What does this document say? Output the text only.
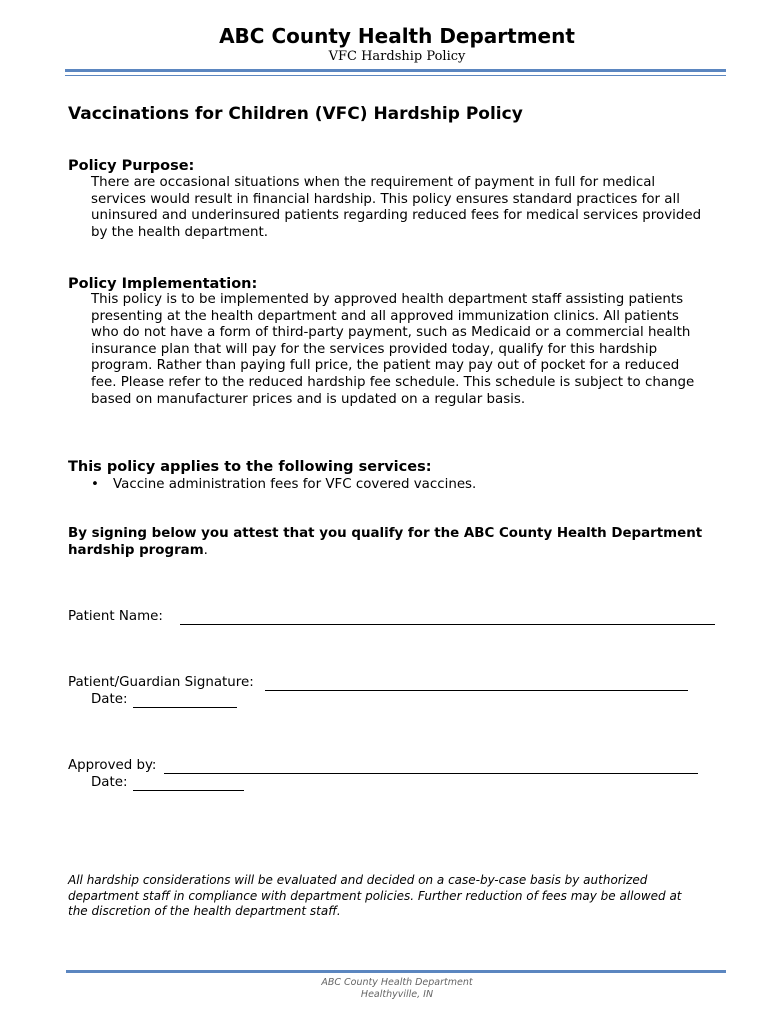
ABC County Health Department
VFC Hardship Policy
Vaccinations for Children (VFC) Hardship Policy
Policy Purpose:
There are occasional situations when the requirement of payment in full for medical
services would result in financial hardship. This policy ensures standard practices for all
uninsured and underinsured patients regarding reduced fees for medical services provided
by the health department.
Policy Implementation:
This policy is to be implemented by approved health department staff assisting patients
presenting at the health department and all approved immunization clinics. All patients
who do not have a form of third-party payment, such as Medicaid or a commercial health
insurance plan that will pay for the services provided today, qualify for this hardship
program. Rather than paying full price, the patient may pay out of pocket for a reduced
fee. Please refer to the reduced hardship fee schedule. This schedule is subject to change
based on manufacturer prices and is updated on a regular basis.
This policy applies to the following services:
• Vaccine administration fees for VFC covered vaccines.
By signing below you attest that you qualify for the ABC County Health Department
hardship program.
Patient Name:
Patient/Guardian Signature:
Date:
Approved by:
Date:
All hardship considerations will be evaluated and decided on a case-by-case basis by authorized
department staff in compliance with department policies. Further reduction of fees may be allowed at
the discretion of the health department staff.
ABC County Health Department
Healthyville, IN
